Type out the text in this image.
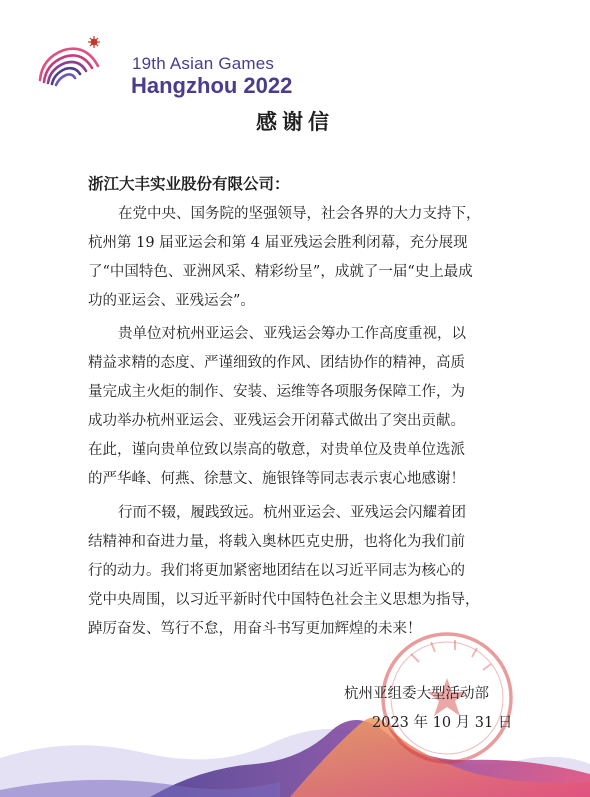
19th Asian Games
Hangzhou 2022
感谢信
浙江大丰实业股份有限公司：
在党中央、国务院的坚强领导，社会各界的大力支持下，
杭州第 19 届亚运会和第 4 届亚残运会胜利闭幕，充分展现
了“中国特色、亚洲风采、精彩纷呈”，成就了一届“史上最成
功的亚运会、亚残运会”。
贵单位对杭州亚运会、亚残运会筹办工作高度重视，以
精益求精的态度、严谨细致的作风、团结协作的精神，高质
量完成主火炬的制作、安装、运维等各项服务保障工作，为
成功举办杭州亚运会、亚残运会开闭幕式做出了突出贡献。
在此，谨向贵单位致以崇高的敬意，对贵单位及贵单位选派
的严华峰、何燕、徐慧文、施银锋等同志表示衷心地感谢！
行而不辍，履践致远。杭州亚运会、亚残运会闪耀着团
结精神和奋进力量，将载入奥林匹克史册，也将化为我们前
行的动力。我们将更加紧密地团结在以习近平同志为核心的
党中央周围，以习近平新时代中国特色社会主义思想为指导，
踔厉奋发、笃行不怠，用奋斗书写更加辉煌的未来！
杭州亚组委大型活动部
2023 年 10 月 31 日
